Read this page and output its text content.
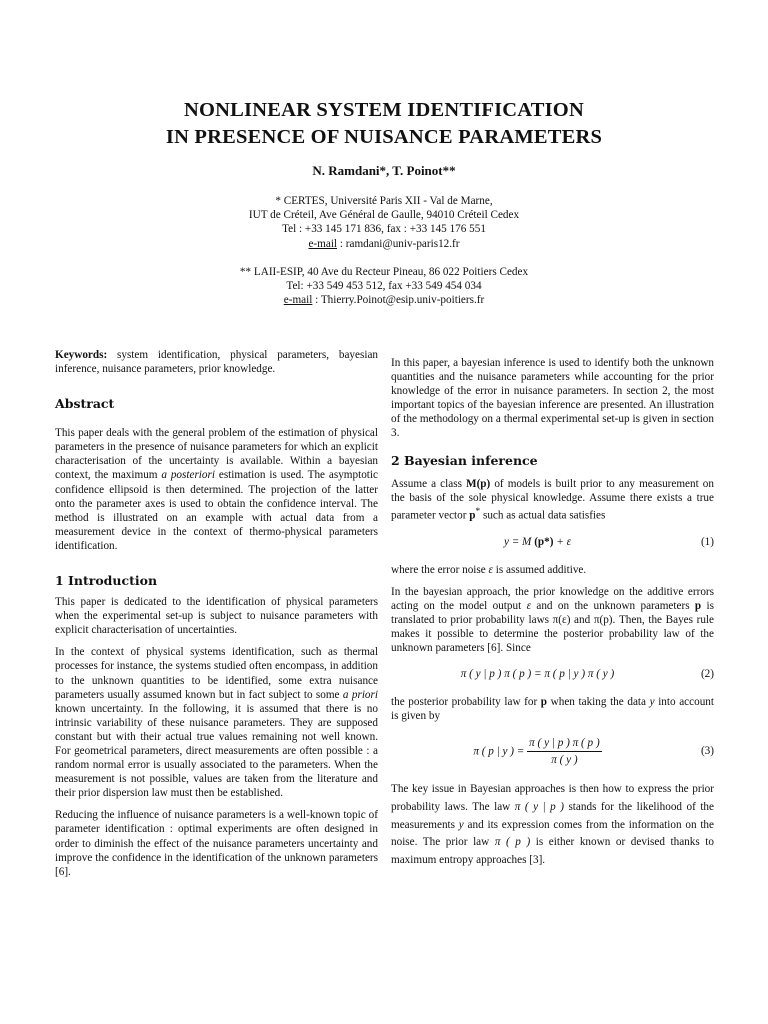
NONLINEAR SYSTEM IDENTIFICATION
IN PRESENCE OF NUISANCE PARAMETERS
N. Ramdani*, T. Poinot**
* CERTES, Université Paris XII - Val de Marne,
IUT de Créteil, Ave Général de Gaulle, 94010 Créteil Cedex
Tel : +33 145 171 836, fax : +33 145 176 551
e-mail : ramdani@univ-paris12.fr
** LAII-ESIP, 40 Ave du Recteur Pineau, 86 022 Poitiers Cedex
Tel: +33 549 453 512, fax +33 549 454 034
e-mail : Thierry.Poinot@esip.univ-poitiers.fr

Keywords: system identification, physical parameters, bayesian inference, nuisance parameters, prior knowledge.

Abstract

This paper deals with the general problem of the estimation of physical parameters in the presence of nuisance parameters for which an explicit characterisation of the uncertainty is available. Within a bayesian context, the maximum a posteriori estimation is used. The asymptotic confidence ellipsoid is then determined. The projection of the latter onto the parameter axes is used to obtain the confidence interval. The method is illustrated on an example with actual data from a measurement device in the context of thermo-physical parameters identification.

1 Introduction

This paper is dedicated to the identification of physical parameters when the experimental set-up is subject to nuisance parameters with explicit characterisation of uncertainties.

In the context of physical systems identification, such as thermal processes for instance, the systems studied often encompass, in addition to the unknown quantities to be identified, some extra nuisance parameters usually assumed known but in fact subject to some a priori known uncertainty. In the following, it is assumed that there is no intrinsic variability of these nuisance parameters. They are supposed constant but with their actual true values remaining not well known. For geometrical parameters, direct measurements are often possible : a random normal error is usually associated to the parameters. When the measurement is not possible, values are taken from the literature and their prior dispersion law must then be established.

Reducing the influence of nuisance parameters is a well-known topic of parameter identification : optimal experiments are often designed in order to diminish the effect of the nuisance parameters uncertainty and improve the confidence in the identification of the unknown parameters [6].

In this paper, a bayesian inference is used to identify both the unknown quantities and the nuisance parameters while accounting for the prior knowledge of the error in nuisance parameters. In section 2, the most important topics of the bayesian inference are presented. An illustration of the methodology on a thermal experimental set-up is given in section 3.

2 Bayesian inference

Assume a class M(p) of models is built prior to any measurement on the basis of the sole physical knowledge. Assume there exists a true parameter vector p* such as actual data satisfies

y = M (p*) + ε	(1)

where the error noise ε is assumed additive.

In the bayesian approach, the prior knowledge on the additive errors acting on the model output ε and on the unknown parameters p is translated to prior probability laws π(ε) and π(p). Then, the Bayes rule makes it possible to determine the posterior probability law of the unknown parameters [6]. Since

π ( y | p ) π ( p ) = π ( p | y ) π ( y )	(2)

the posterior probability law for p when taking the data y into account is given by

π ( p | y ) = $\frac{\pi ( y | p ) \pi ( p )}{\pi ( y )}$	(3)

The key issue in Bayesian approaches is then how to express the prior probability laws. The law π ( y | p ) stands for the likelihood of the measurements y and its expression comes from the information on the noise. The prior law π ( p ) is either known or devised thanks to maximum entropy approaches [3].
